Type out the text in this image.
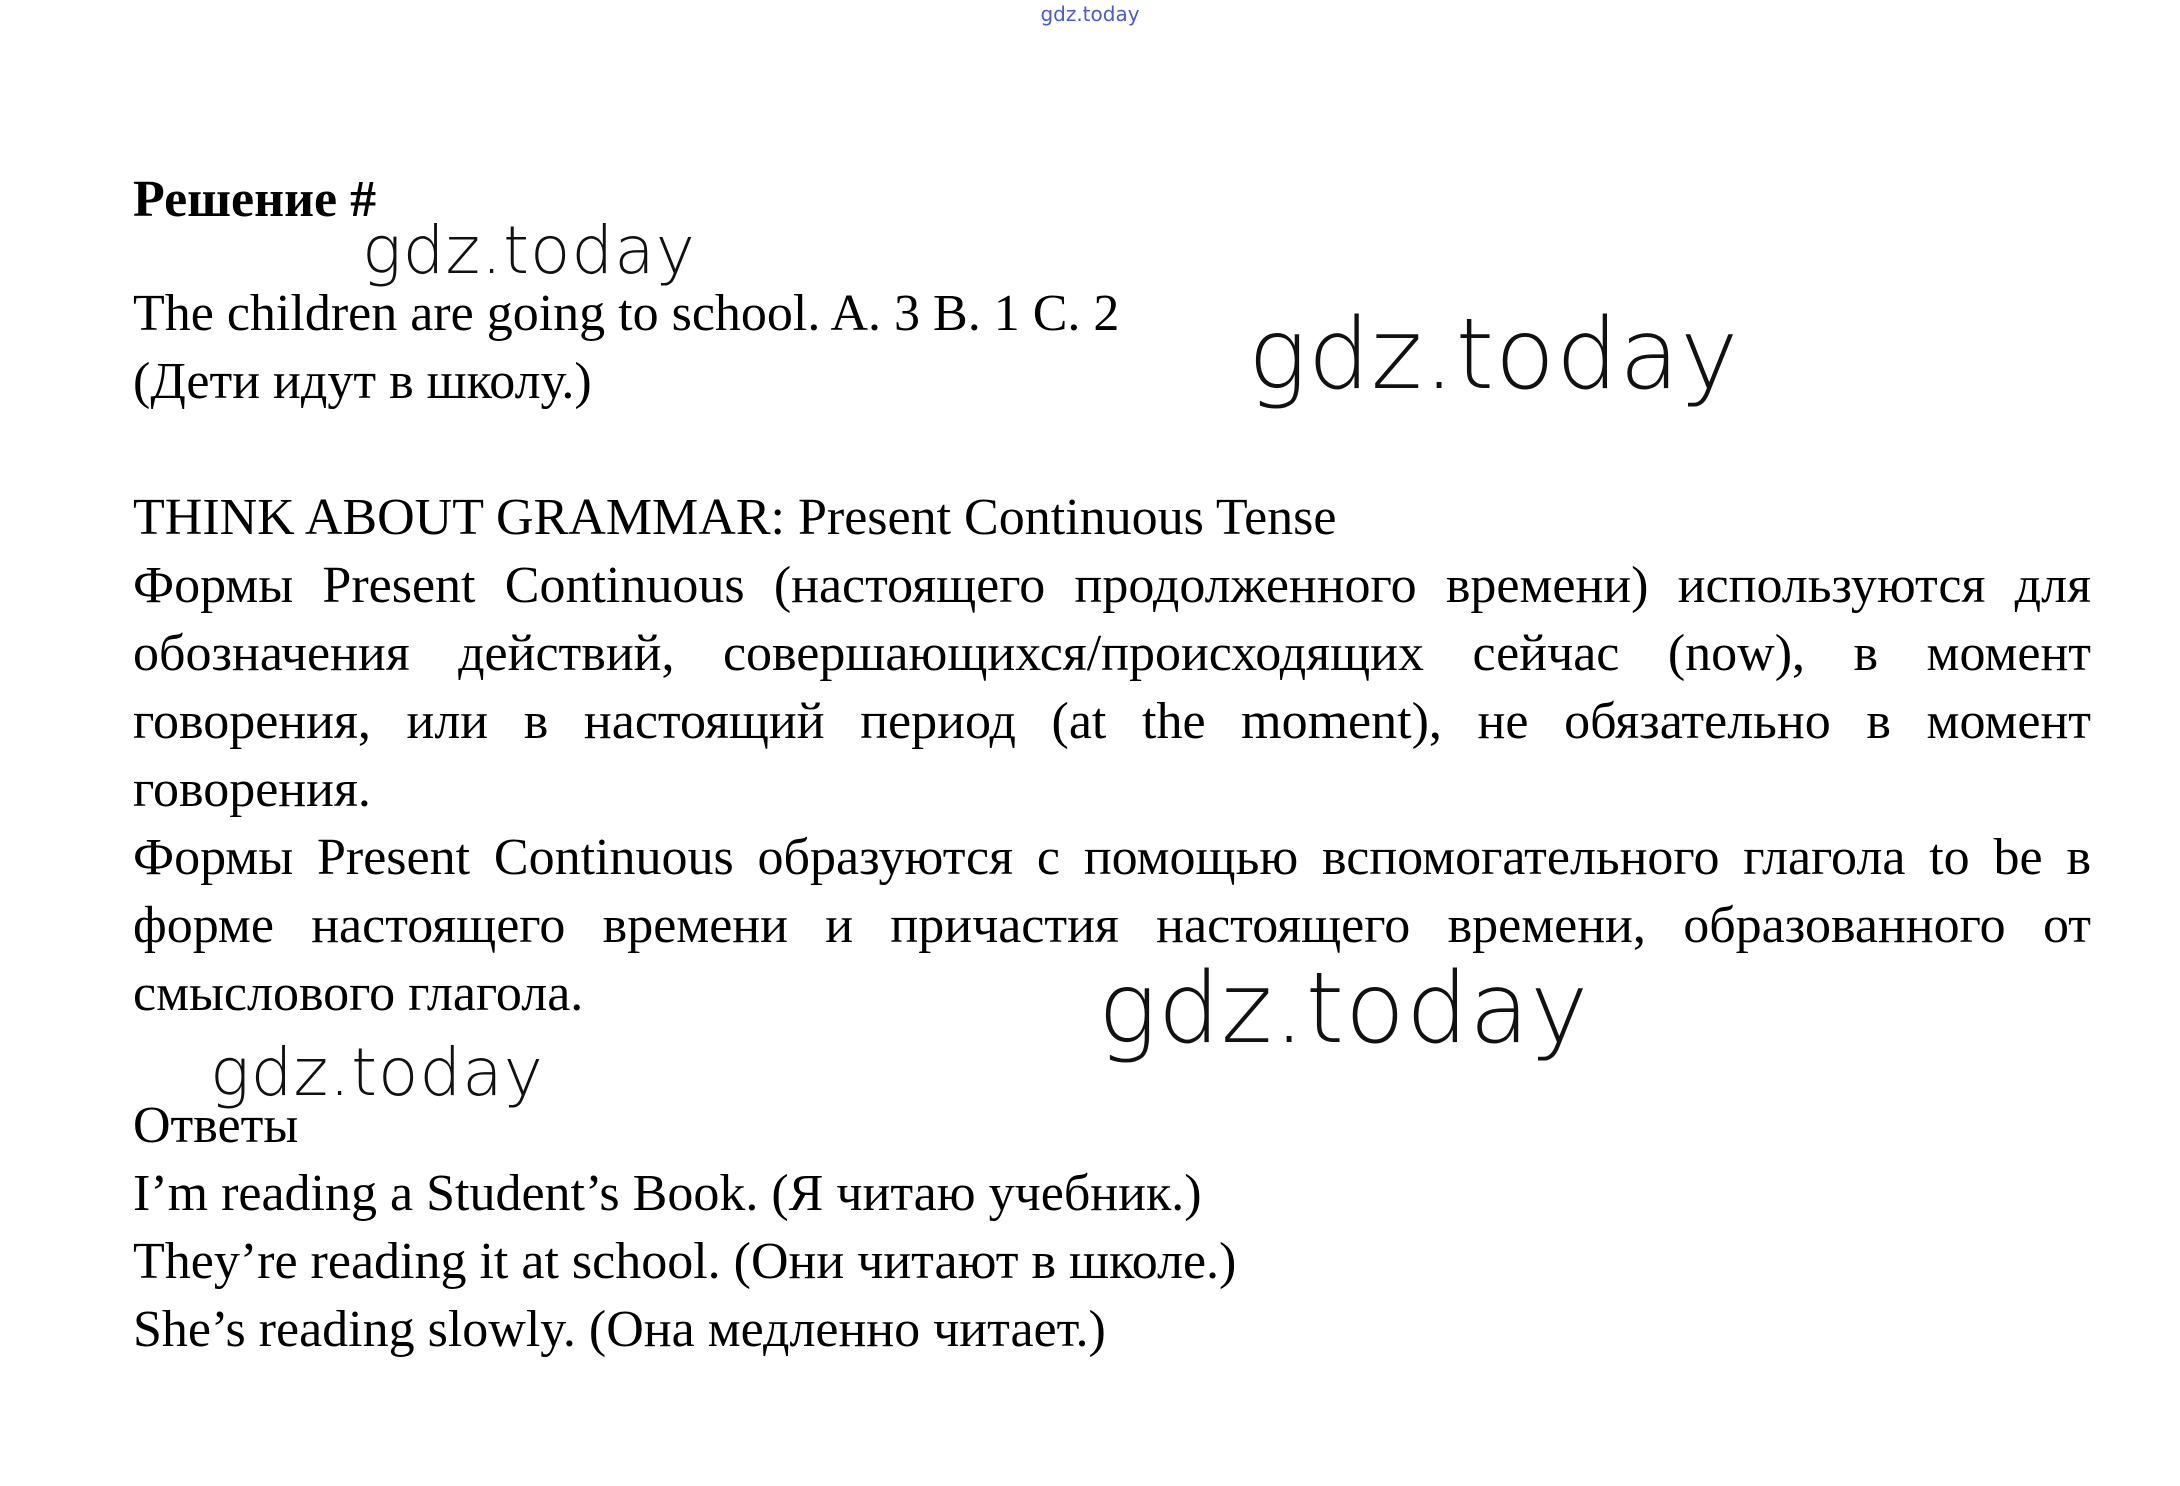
gdz.today
Решение #
The children are going to school. A. 3 B. 1 C. 2
(Дети идут в школу.)
THINK ABOUT GRAMMAR: Present Continuous Tense
Формы Present Continuous (настоящего продолженного времени) используются для обозначения действий, совершающихся/происходящих сейчас (now), в момент говорения, или в настоящий период (at the moment), не обязательно в момент говорения.
Формы Present Continuous образуются с помощью вспомогательного глагола to be в форме настоящего времени и причастия настоящего времени, образованного от смыслового глагола.
Ответы
I’m reading a Student’s Book. (Я читаю учебник.)
They’re reading it at school. (Они читают в школе.)
She’s reading slowly. (Она медленно читает.)
gdz.today
gdz.today
gdz.today
gdz.today
